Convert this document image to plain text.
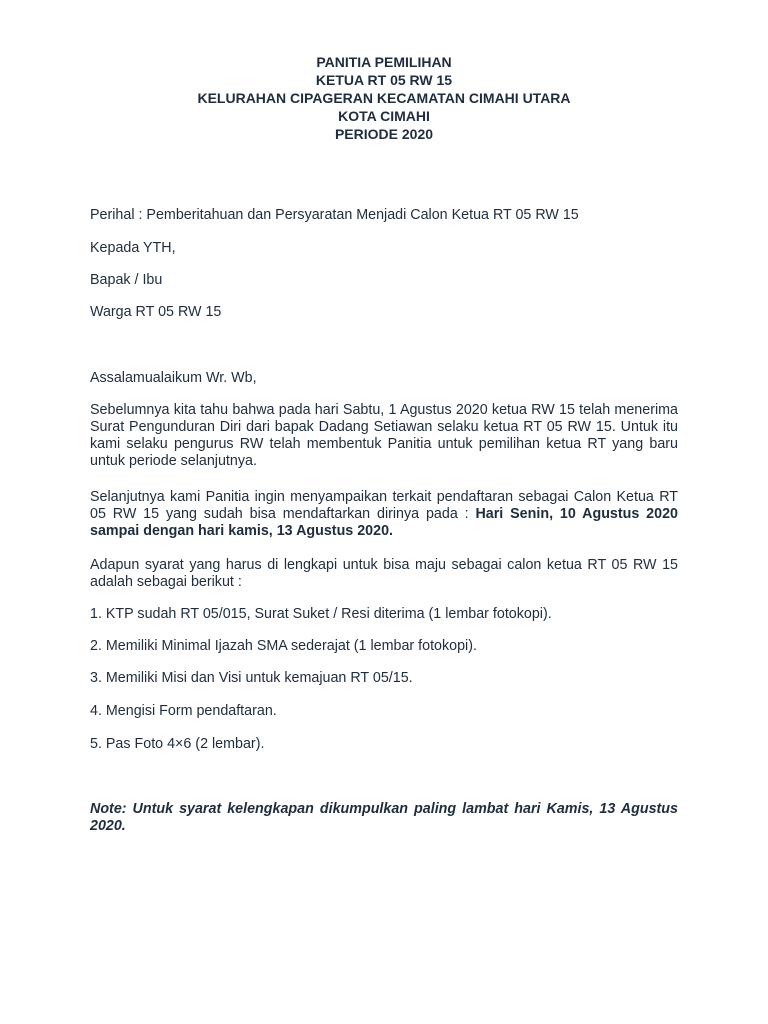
PANITIA PEMILIHAN
KETUA RT 05 RW 15
KELURAHAN CIPAGERAN KECAMATAN CIMAHI UTARA
KOTA CIMAHI
PERIODE 2020
Perihal : Pemberitahuan dan Persyaratan Menjadi Calon Ketua RT 05 RW 15
Kepada YTH,
Bapak / Ibu
Warga RT 05 RW 15
Assalamualaikum Wr. Wb,
Sebelumnya kita tahu bahwa pada hari Sabtu, 1 Agustus 2020 ketua RW 15 telah menerima Surat Pengunduran Diri dari bapak Dadang Setiawan selaku ketua RT 05 RW 15. Untuk itu kami selaku pengurus RW telah membentuk Panitia untuk pemilihan ketua RT yang baru untuk periode selanjutnya.
Selanjutnya kami Panitia ingin menyampaikan terkait pendaftaran sebagai Calon Ketua RT 05 RW 15 yang sudah bisa mendaftarkan dirinya pada : Hari Senin, 10 Agustus 2020 sampai dengan hari kamis, 13 Agustus 2020.
Adapun syarat yang harus di lengkapi untuk bisa maju sebagai calon ketua RT 05 RW 15 adalah sebagai berikut :
1. KTP sudah RT 05/015, Surat Suket / Resi diterima (1 lembar fotokopi).
2. Memiliki Minimal Ijazah SMA sederajat (1 lembar fotokopi).
3. Memiliki Misi dan Visi untuk kemajuan RT 05/15.
4. Mengisi Form pendaftaran.
5. Pas Foto 4×6 (2 lembar).
Note: Untuk syarat kelengkapan dikumpulkan paling lambat hari Kamis, 13 Agustus 2020.
